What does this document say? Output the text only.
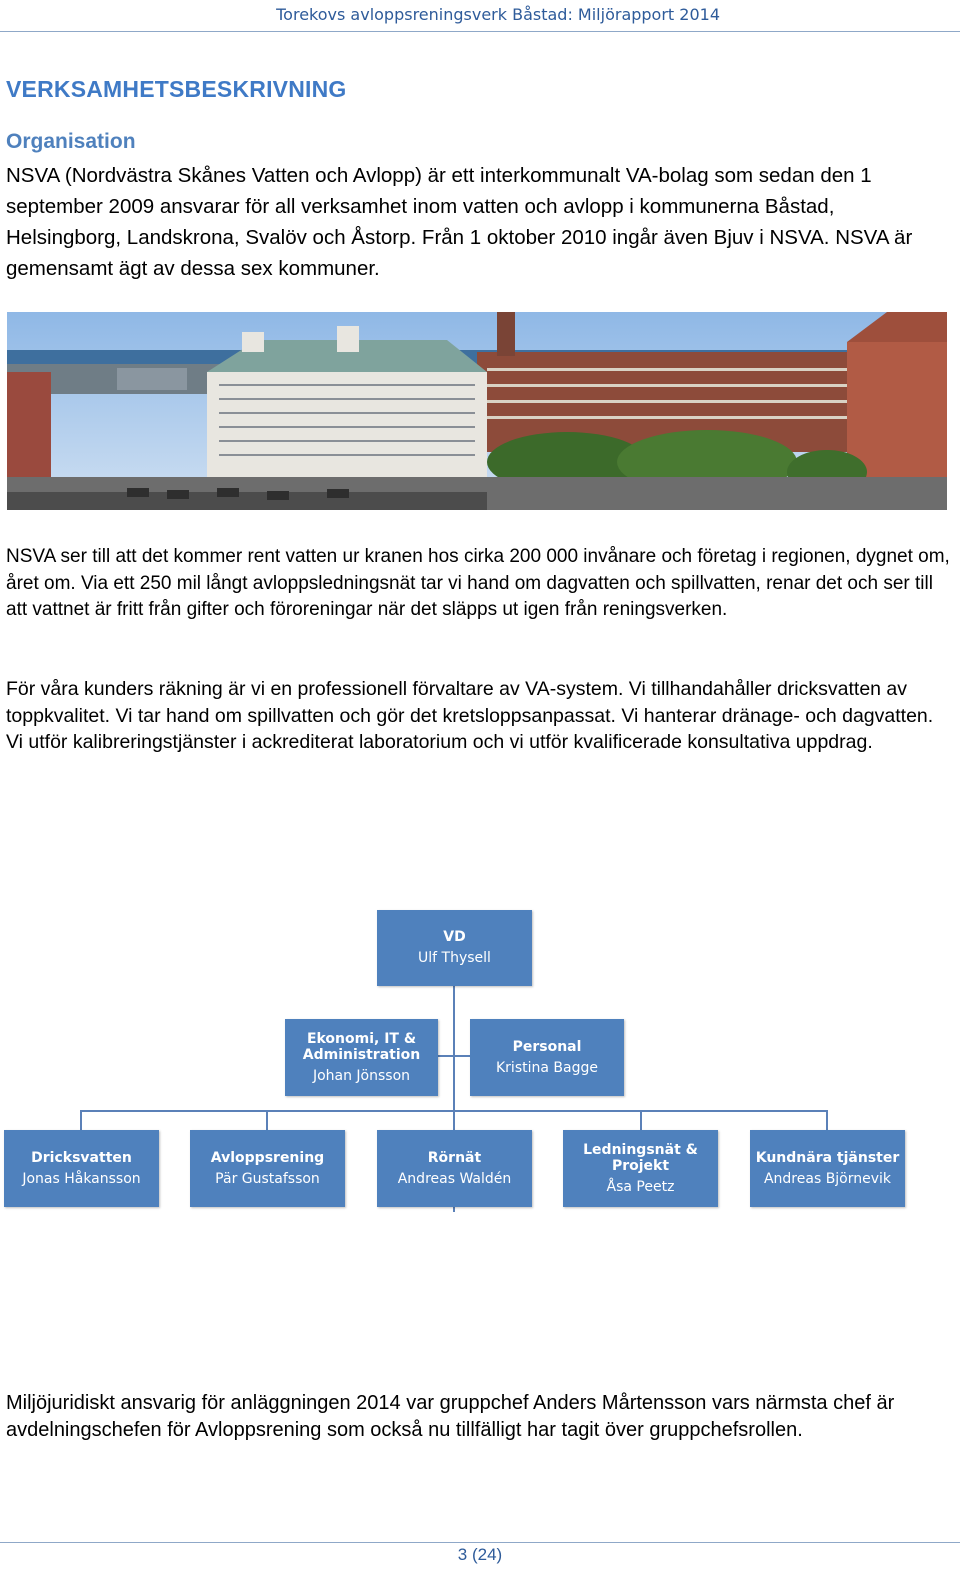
Torekovs avloppsreningsverk Båstad: Miljörapport 2014
VERKSAMHETSBESKRIVNING
Organisation

NSVA (Nordvästra Skånes Vatten och Avlopp) är ett interkommunalt VA-bolag som sedan den 1 september 2009 ansvarar för all verksamhet inom vatten och avlopp i kommunerna Båstad, Helsingborg, Landskrona, Svalöv och Åstorp. Från 1 oktober 2010 ingår även Bjuv i NSVA. NSVA är gemensamt ägt av dessa sex kommuner.

NSVA ser till att det kommer rent vatten ur kranen hos cirka 200 000 invånare och företag i regionen, dygnet om, året om. Via ett 250 mil långt avloppsledningsnät tar vi hand om dagvatten och spillvatten, renar det och ser till att vattnet är fritt från gifter och föroreningar när det släpps ut igen från reningsverken.

För våra kunders räkning är vi en professionell förvaltare av VA-system. Vi tillhandahåller dricksvatten av toppkvalitet. Vi tar hand om spillvatten och gör det kretsloppsanpassat. Vi hanterar dränage- och dagvatten. Vi utför kalibreringstjänster i ackrediterat laboratorium och vi utför kvalificerade konsultativa uppdrag.

VD
Ulf Thysell
Ekonomi, IT & Administration
Johan Jönsson
Personal
Kristina Bagge
Dricksvatten
Jonas Håkansson
Avloppsrening
Pär Gustafsson
Rörnät
Andreas Waldén
Ledningsnät & Projekt
Åsa Peetz
Kundnära tjänster
Andreas Björnevik

Miljöjuridiskt ansvarig för anläggningen 2014 var gruppchef Anders Mårtensson vars närmsta chef är avdelningschefen för Avloppsrening som också nu tillfälligt har tagit över gruppchefsrollen.

3 (24)
